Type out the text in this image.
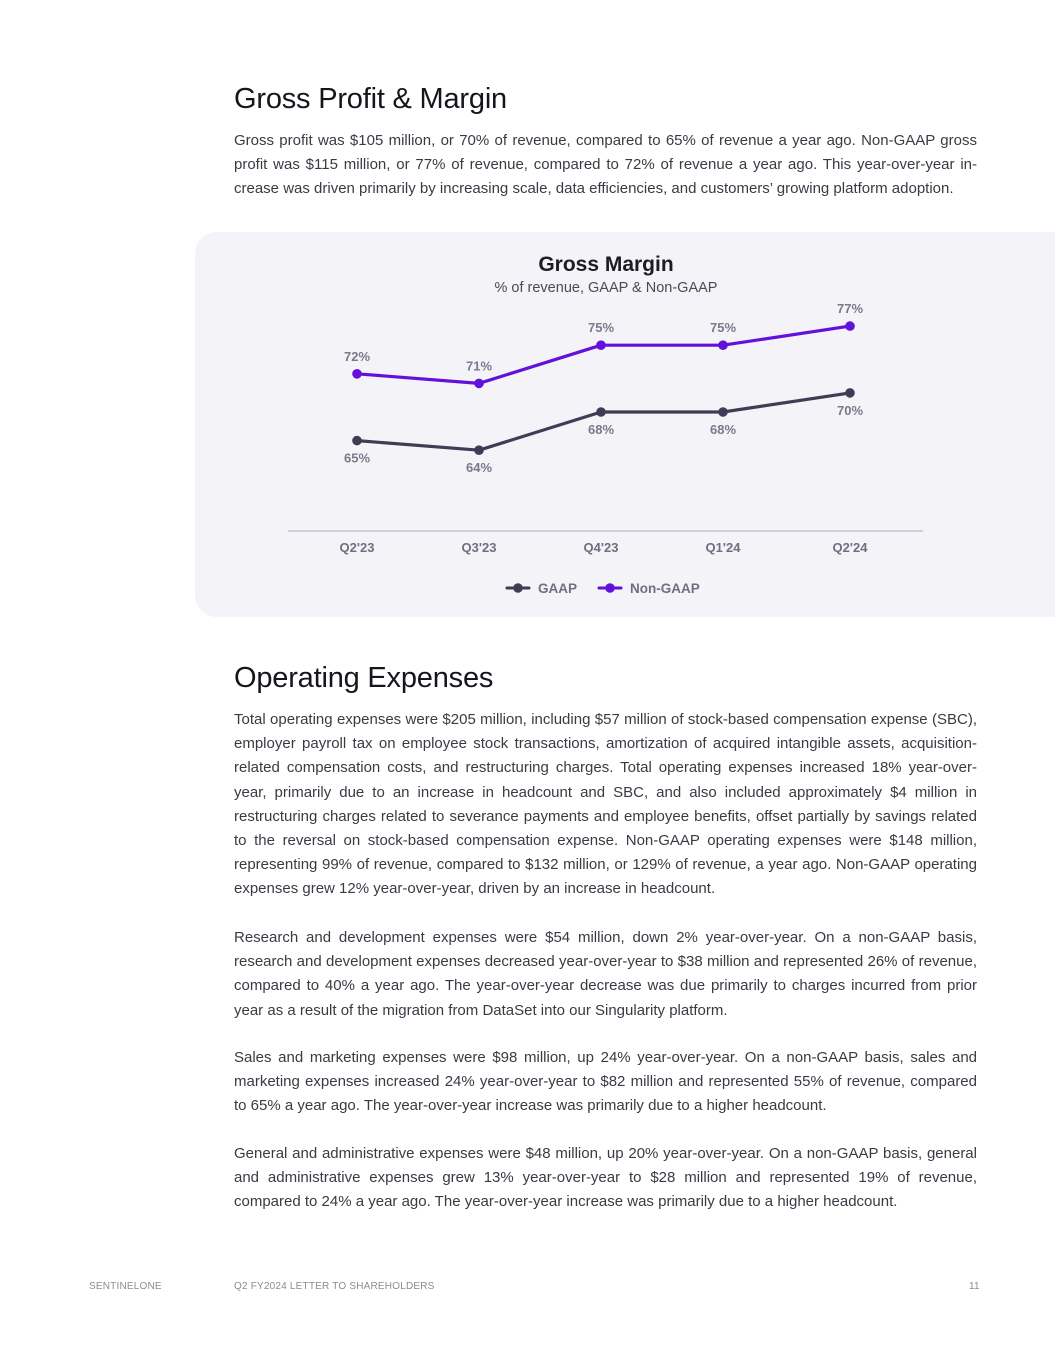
Gross Profit & Margin

Gross profit was $105 million, or 70% of revenue, compared to 65% of revenue a year ago. Non-GAAP gross profit was $115 million, or 77% of revenue, compared to 72% of revenue a year ago. This year-over-year increase was driven primarily by increasing scale, data efficiencies, and customers’ growing platform adoption.

Gross Margin
% of revenue, GAAP & Non-GAAP
65%
64%
68%	68%
70%
72%
71%
75%	75%
77%
Q2'23	Q3'23	Q4'23	Q1'24	Q2'24
GAAP	Non-GAAP
Operating Expenses

Total operating expenses were $205 million, including $57 million of stock-based compensation expense (SBC), employer payroll tax on employee stock transactions, amortization of acquired intangible assets, acquisition-related compensation costs, and restructuring charges. Total operating expenses increased 18% year-over-year, primarily due to an increase in headcount and SBC, and also included approximately $4 million in restructuring charges related to severance payments and employee benefits, offset partially by savings related to the reversal on stock-based compensation expense. Non-GAAP operating expenses were $148 million, representing 99% of revenue, compared to $132 million, or 129% of revenue, a year ago. Non-GAAP operating expenses grew 12% year-over-year, driven by an increase in headcount.

Research and development expenses were $54 million, down 2% year-over-year. On a non-GAAP basis, research and development expenses decreased year-over-year to $38 million and represented 26% of revenue, compared to 40% a year ago. The year-over-year decrease was due primarily to charges incurred from prior year as a result of the migration from DataSet into our Singularity platform.

Sales and marketing expenses were $98 million, up 24% year-over-year. On a non-GAAP basis, sales and marketing expenses increased 24% year-over-year to $82 million and represented 55% of revenue, compared to 65% a year ago. The year-over-year increase was primarily due to a higher headcount.

General and administrative expenses were $48 million, up 20% year-over-year. On a non-GAAP basis, general and administrative expenses grew 13% year-over-year to $28 million and represented 19% of revenue, compared to 24% a year ago. The year-over-year increase was primarily due to a higher headcount.

SENTINELONE	Q2 FY2024 LETTER TO SHAREHOLDERS	11
